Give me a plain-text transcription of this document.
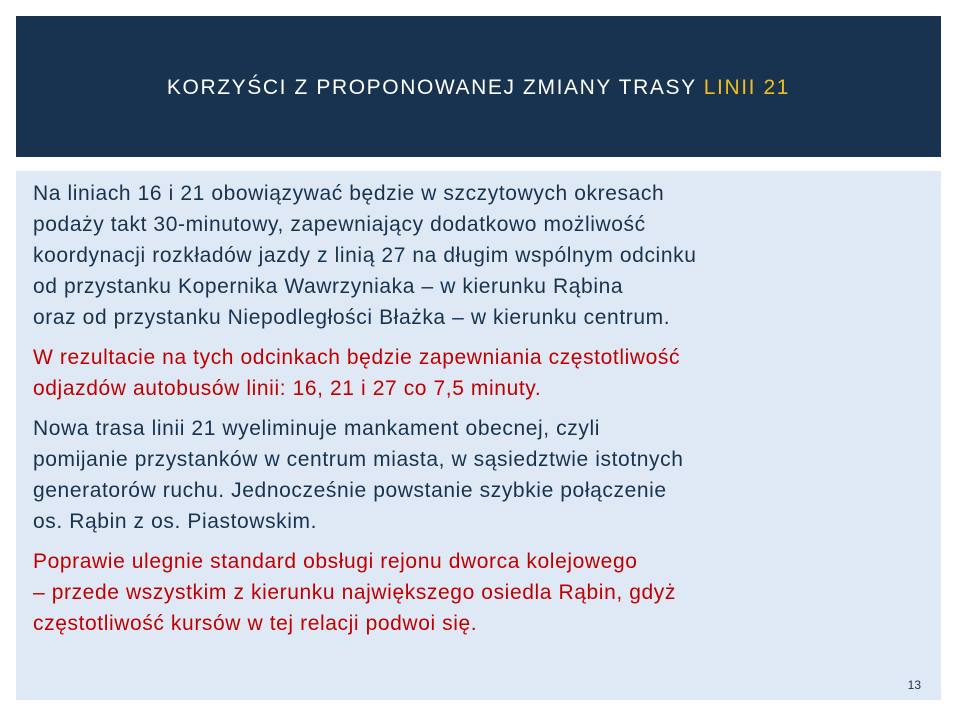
KORZYŚCI Z PROPONOWANEJ ZMIANY TRASY LINII 21

Na liniach 16 i 21 obowiązywać będzie w szczytowych okresach
podaży takt 30-minutowy, zapewniający dodatkowo możliwość
koordynacji rozkładów jazdy z linią 27 na długim wspólnym odcinku
od przystanku Kopernika Wawrzyniaka – w kierunku Rąbina
oraz od przystanku Niepodległości Błażka – w kierunku centrum.

W rezultacie na tych odcinkach będzie zapewniania częstotliwość
odjazdów autobusów linii: 16, 21 i 27 co 7,5 minuty.

Nowa trasa linii 21 wyeliminuje mankament obecnej, czyli
pomijanie przystanków w centrum miasta, w sąsiedztwie istotnych
generatorów ruchu. Jednocześnie powstanie szybkie połączenie
os. Rąbin z os. Piastowskim.

Poprawie ulegnie standard obsługi rejonu dworca kolejowego
– przede wszystkim z kierunku największego osiedla Rąbin, gdyż
częstotliwość kursów w tej relacji podwoi się.

13
